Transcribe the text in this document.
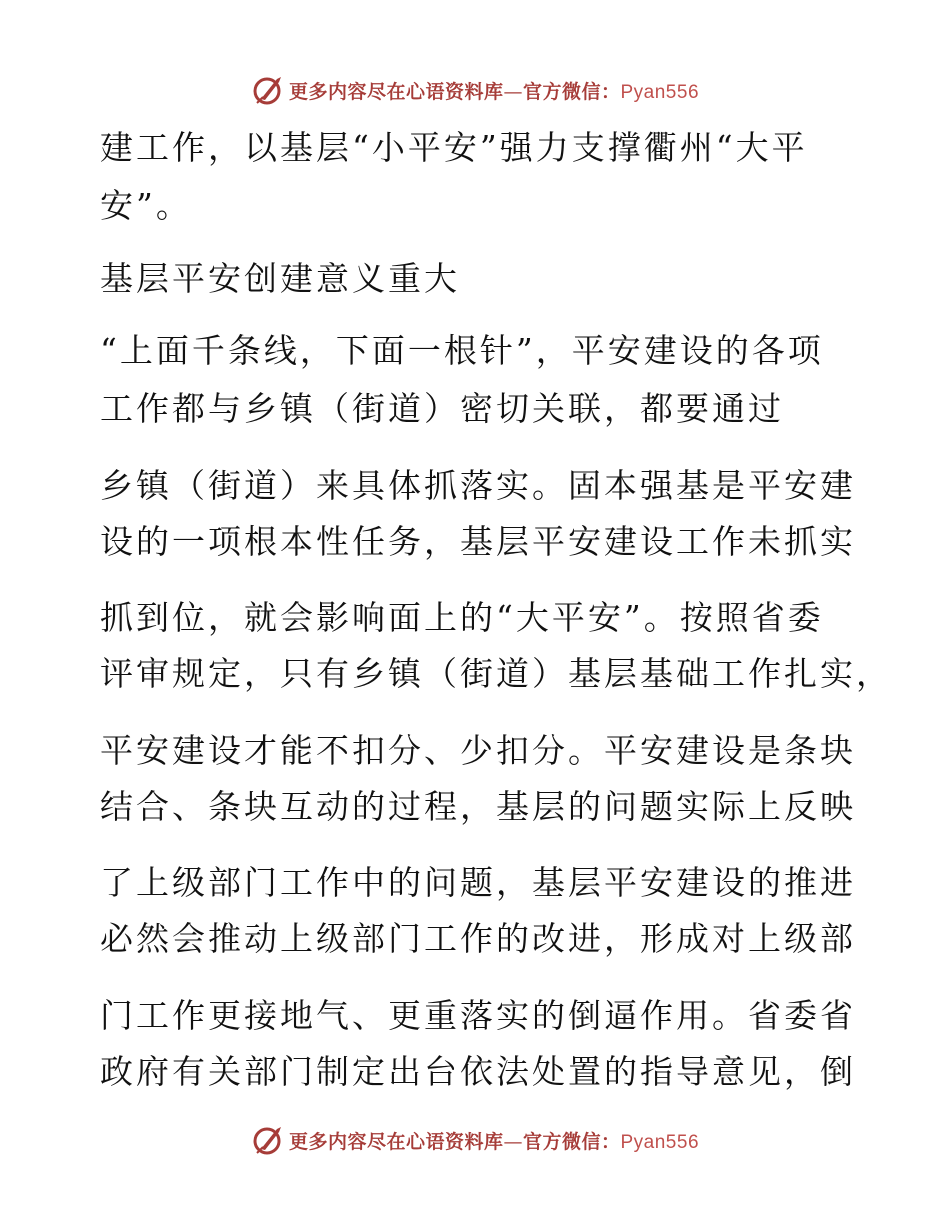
更多内容尽在心语资料库—官方微信：Pyan556
建工作，以基层“小平安”强力支撑衢州“大平
安”。
基层平安创建意义重大
“上面千条线，下面一根针”，平安建设的各项
工作都与乡镇（街道）密切关联，都要通过
乡镇（街道）来具体抓落实。固本强基是平安建
设的一项根本性任务，基层平安建设工作未抓实
抓到位，就会影响面上的“大平安”。按照省委
评审规定，只有乡镇（街道）基层基础工作扎实，
平安建设才能不扣分、少扣分。平安建设是条块
结合、条块互动的过程，基层的问题实际上反映
了上级部门工作中的问题，基层平安建设的推进
必然会推动上级部门工作的改进，形成对上级部
门工作更接地气、更重落实的倒逼作用。省委省
政府有关部门制定出台依法处置的指导意见，倒
更多内容尽在心语资料库—官方微信：Pyan556
